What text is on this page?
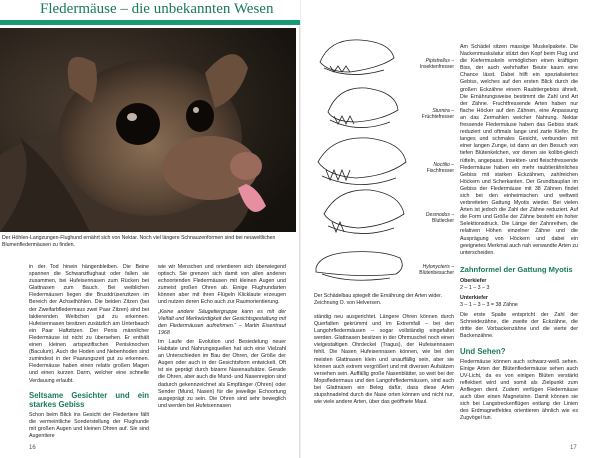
Fledermäuse – die unbekannten Wesen
Der Höhlen-Langzungen-Flughund ernährt sich von Nektar. Noch viel längere Schnauzenformen sind bei neuweltlichen Blumenfledermäusen zu finden.

in der Tod hinein hängenbleiben. Die Beine spannen die Schwanzflughaut oder fallen sie zusammen, bei Hufeisennasen zum Rücken bei Glattnasen zum Bauch. Bei weiblichen Fledermäusen liegen die Brustdrüsenzitzen im Bereich der Achselhöhlen. Die beiden Zitzen (bei der Zweifarbfledermaus zwei Paar Zitzen) sind bei laktierenden Weibchen gut zu erkennen. Hufeisennasen besitzen zusätzlich am Unterbauch ein Paar Haftzitzen. Der Penis männlicher Fledermäuse ist nicht zu übersehen. Er enthält einen kleinen artspezifischen Penisknochen (Baculum). Auch die Hoden und Nebenhoden sind zumindest in der Paarungszeit gut zu erkennen. Fledermäuse haben einen relativ großen Magen und einen kurzen Darm, welcher eine schnelle Verdauung erlaubt.

Seltsame Gesichter und ein starkes Gebiss

Schon beim Blick ins Gesicht der Fledertiere fällt die vermeintliche Sonderstellung der Flughunde mit großen Augen und kleinen Ohren auf. Sie sind Augentiere

wie wir Menschen und orientieren sich überwiegend optisch. Sie grenzen sich damit von allen anderen echoortenden Fledermäusen mit kleinen Augen und zumeist großen Ohren ab. Einige Flughundarten können aber mit ihren Flügeln Klicklaute erzeugen und nutzen deren Echo auch zur Raumorientierung.

„Keine andere Säugetiergruppe kann es mit der Vielfalt und Merkwürdigkeit der Gesichtsgestaltung mit den Fledermäusen aufnehmen.“ – Martin Eisentraut 1968

Im Laufe der Evolution und Besiedelung neuer Habitate und Nahrungsquellen hat sich eine Vielzahl an Unterschieden im Bau der Ohren, der Größe der Augen oder auch in der Gesichtsform entwickelt. Oft ist sie geprägt durch bizarre Nasenaufsätze. Gerade die Ohren, aber auch die Mund- und Nasenregion sind dadurch gekennzeichnet als Empfänger (Ohren) oder Sender (Mund, Nasen) für die jeweilige Echoortung ausgeprägt zu sein. Die Ohren sind sehr beweglich und werden bei Hufeisennasen

16
Pipistrellus –
Insektenfresser
Sturnira –
Früchtefresser
Noctilio –
Fischfresser
Desmodus –
Blutlecker
Hylonycteris –
Blütenbesucher
Der Schädelbau spiegelt die Ernährung der Arten wider. Zeichnung O. von Helversen.

ständig neu ausgerichtet. Längere Ohren können durch Querfalten gekrümmt und im Extremfall – bei den Langohrfledermäusen – sogar vollständig eingefaltet werden. Glattnasen besitzen in der Ohrmuschel noch einen vielgestaltigen Ohrdeckel (Tragus), der Hufeisennasen fehlt. Die Nasen Hufeisennasen können, wie bei den meisten Glattnasen klein und unauffällig sein, aber sie können auch extrem vergrößert und mit diversen Aufsätzen versehen sein. Auffällig große Nasenblätter, so weit bei der Mopsfledermaus und den Langohrfledermäusen, sind auch bei Glattnasen ein Beleg dafür, dass diese Arten stupshnadelnd durch die Nase orten können und nicht nur, wie viele andere Arten, über das geöffnete Maul.

Am Schädel sitzen massige Muskelpakete. Die Nackenmuskulatur stützt den Kopf beim Flug und die Kiefermuskeln ermöglichen einen kräftigen Biss, der auch wehrhafter Beute kaum eine Chance lässt. Dabei hilft ein spezialisiertes Gebiss, welches auf den ersten Blick durch die großen Eckzähne einem Raubtiergebiss ähnelt. Die Ernährungsweise bestimmt die Zahl und Art der Zähne. Fruchtfressende Arten haben nur flache Höcker auf den Zähnen, eine Anpassung an das Zermahlen weicher Nahrung. Nektar fressende Fledermäuse haben das Gebiss stark reduziert und oftmals lange und zarte Kiefer. Ihr langes und schmales Gesicht, verbunden mit einer langen Zunge, ist dann an den Besuch von tiefen Blütenkelchen, vor denen sie kolibri-gleich rütteln, angepasst. Insekten- und fleischfressende Fledermäuse haben ein mehr raubtierähnliches Gebiss mit starken Eckzähnen, zahlreichen Höckern und Scherkanten. Der Grundbauplan im Gebiss der Fledermäuse mit 38 Zähnen findet sich bei den einheimischen und weltweit verbreiteten Gattung Myotis wieder. Bei vielen Arten ist jedoch die Zahl der Zähne reduziert. Auf die Form und Größe der Zähne besteht ein hoher Selektionsdruck. Die Länge der Zahnreihen, die relativen Höhen einzelner Zähne und die Ausprägung von Höckern und dabei ein geeignetes Merkmal auch nah verwandte Arten zu unterscheiden.

Zahnformel der Gattung Myotis
Oberkiefer
2 – 1 – 3 – 3
Unterkiefer
3 – 1 – 3 – 3 = 38 Zähne

Die erste Spalte entspricht der Zahl der Schneidezähne, die zweite der Eckzähne, die dritte der Vorbackenzähne und die vierte der Backenzähne.

Und Sehen?

Fledermäuse können auch schwarz-weiß sehen. Einige Arten der Blütenfledermäuse sehen auch UV-Licht, da es von einigen Blüten verstärkt reflektiert wird und somit als Zielpunkt zum Anfliegen dient. Zudem verfügen Fledermäuse auch über einen Magnetsinn. Damit können sie sich bei Langstreckenflügen entlang der Linien des Erdmagnetfeldes orientieren ähnlich wie es Zugvögel tun.

17
